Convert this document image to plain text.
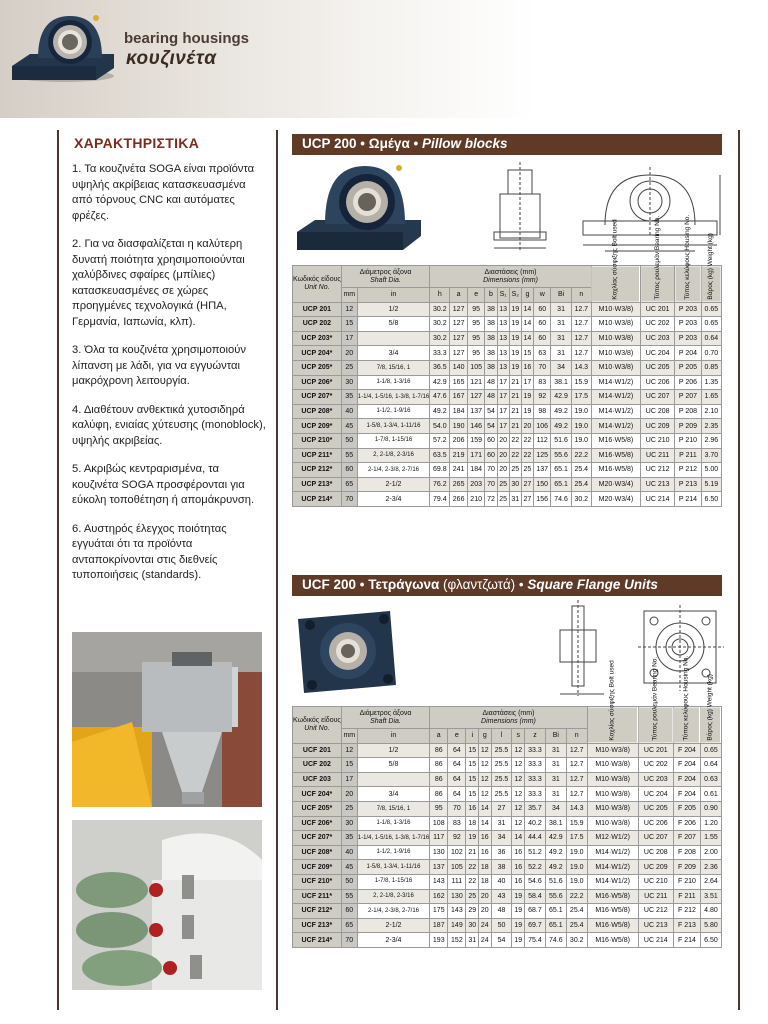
bearing housings
κουζινέτα
ΧΑΡΑΚΤΗΡΙΣΤΙΚΑ

1. Τα κουζινέτα SOGA είναι προϊόντα υψηλής ακρίβειας κατασκευασμένα από τόρνους CNC και αυτόματες φρέζες.

2. Για να διασφαλίζεται η καλύτερη δυνατή ποιότητα χρησιμοποιούνται χαλύβδινες σφαίρες (μπίλιες) κατασκευασμένες σε χώρες προηγμένες τεχνολογικά (ΗΠΑ, Γερμανία, Ιαπωνία, κλπ).

3. Όλα τα κουζινέτα χρησιμοποιούν λίπανση με λάδι, για να εγγυώνται μακρόχρονη λειτουργία.

4. Διαθέτουν ανθεκτικά χυτοσιδηρά καλύφη, ενιαίας χύτευσης (monoblock), υψηλής ακριβείας.

5. Ακριβώς κεντραρισμένα, τα κουζινέτα SOGA προσφέρονται για εύκολη τοποθέτηση ή απομάκρυνση.

6. Αυστηρός έλεγχος ποιότητας εγγυάται ότι τα προϊόντα ανταποκρίνονται στις διεθνείς τυποποιήσεις (standards).

UCP 200 • Ωμέγα • Pillow blocks
Κωδικός είδους
Unit No.	Διάμετρος άξονα
Shaft Dia.		Διαστάσεις (mm)
Dimensions (mm)										Κοχλίας σύσφιξης Bolt used	Τύπος ρουλεμάν Bearing No.	Τύπος κελύφους Housing No.	Βάρος (kg) Weight (kg)
	mm	in	h	a	e	b	S₁	S₂	g	w	Bi	n				
UCP 201	12	1/2	30.2	127	95	38	13	19	14	60	31	12.7	M10·W3/8)	UC 201	P 203	0.65
UCP 202	15	5/8	30.2	127	95	38	13	19	14	60	31	12.7	M10·W3/8)	UC 202	P 203	0.65
UCP 203*	17		30.2	127	95	38	13	19	14	60	31	12.7	M10·W3/8)	UC 203	P 203	0.64
UCP 204*	20	3/4	33.3	127	95	38	13	19	15	63	31	12.7	M10·W3/8)	UC 204	P 204	0.70
UCP 205*	25	7/8, 15/16, 1	36.5	140	105	38	13	19	16	70	34	14.3	M10·W3/8)	UC 205	P 205	0.85
UCP 206*	30	1-1/8, 1-3/16	42.9	165	121	48	17	21	17	83	38.1	15.9	M14·W1/2)	UC 206	P 206	1.35
UCP 207*	35	1-1/4, 1-5/16, 1-3/8, 1-7/16	47.6	167	127	48	17	21	19	92	42.9	17.5	M14·W1/2)	UC 207	P 207	1.65
UCP 208*	40	1-1/2, 1-9/16	49.2	184	137	54	17	21	19	98	49.2	19.0	M14·W1/2)	UC 208	P 208	2.10
UCP 209*	45	1-5/8, 1-3/4, 1-11/16	54.0	190	146	54	17	21	20	106	49.2	19.0	M14·W1/2)	UC 209	P 209	2.35
UCP 210*	50	1-7/8, 1-15/16	57.2	206	159	60	20	22	22	112	51.6	19.0	M16·W5/8)	UC 210	P 210	2.96
UCP 211*	55	2, 2-1/8, 2-3/16	63.5	219	171	60	20	22	22	125	55.6	22.2	M16·W5/8)	UC 211	P 211	3.70
UCP 212*	60	2-1/4, 2-3/8, 2-7/16	69.8	241	184	70	20	25	25	137	65.1	25.4	M16·W5/8)	UC 212	P 212	5.00
UCP 213*	65	2-1/2	76.2	265	203	70	25	30	27	150	65.1	25.4	M20·W3/4)	UC 213	P 213	5.19
UCP 214*	70	2-3/4	79.4	266	210	72	25	31	27	156	74.6	30.2	M20·W3/4)	UC 214	P 214	6.50
UCF 200 • Τετράγωνα (φλαντζωτά) • Square Flange Units
Κωδικός είδους
Unit No.	Διάμετρος άξονα
Shaft Dia.		Διαστάσεις (mm)
Dimensions (mm)									Κοχλίας σύσφιξης Bolt used	Τύπος ρουλεμάν Bearing No.	Τύπος κελύφους Housing No.	Βάρος (kg) Weight (kg)
	mm	in	a	e	i	g	l	s	z	Bi	n				
UCF 201	12	1/2	86	64	15	12	25.5	12	33.3	31	12.7	M10·W3/8)	UC 201	F 204	0.65
UCF 202	15	5/8	86	64	15	12	25.5	12	33.3	31	12.7	M10·W3/8)	UC 202	F 204	0.64
UCF 203	17		86	64	15	12	25.5	12	33.3	31	12.7	M10·W3/8)	UC 203	F 204	0.63
UCF 204*	20	3/4	86	64	15	12	25.5	12	33.3	31	12.7	M10·W3/8)	UC 204	F 204	0.61
UCF 205*	25	7/8, 15/16, 1	95	70	16	14	27	12	35.7	34	14.3	M10·W3/8)	UC 205	F 205	0.90
UCF 206*	30	1-1/8, 1-3/16	108	83	18	14	31	12	40.2	38.1	15.9	M10·W3/8)	UC 206	F 206	1.20
UCF 207*	35	1-1/4, 1-5/16, 1-3/8, 1-7/16	117	92	19	16	34	14	44.4	42.9	17.5	M12·W1/2)	UC 207	F 207	1.55
UCF 208*	40	1-1/2, 1-9/16	130	102	21	16	36	16	51.2	49.2	19.0	M14·W1/2)	UC 208	F 208	2.00
UCF 209*	45	1-5/8, 1-3/4, 1-11/16	137	105	22	18	38	16	52.2	49.2	19.0	M14·W1/2)	UC 209	F 209	2.36
UCF 210*	50	1-7/8, 1-15/16	143	111	22	18	40	16	54.6	51.6	19.0	M14·W1/2)	UC 210	F 210	2.64
UCF 211*	55	2, 2-1/8, 2-3/16	162	130	25	20	43	19	58.4	55.6	22.2	M16·W5/8)	UC 211	F 211	3.51
UCF 212*	60	2-1/4, 2-3/8, 2-7/16	175	143	29	20	48	19	68.7	65.1	25.4	M16·W5/8)	UC 212	F 212	4.80
UCF 213*	65	2-1/2	187	149	30	24	50	19	69.7	65.1	25.4	M16·W5/8)	UC 213	F 213	5.80
UCF 214*	70	2-3/4	193	152	31	24	54	19	75.4	74.6	30.2	M16·W5/8)	UC 214	F 214	6.50
